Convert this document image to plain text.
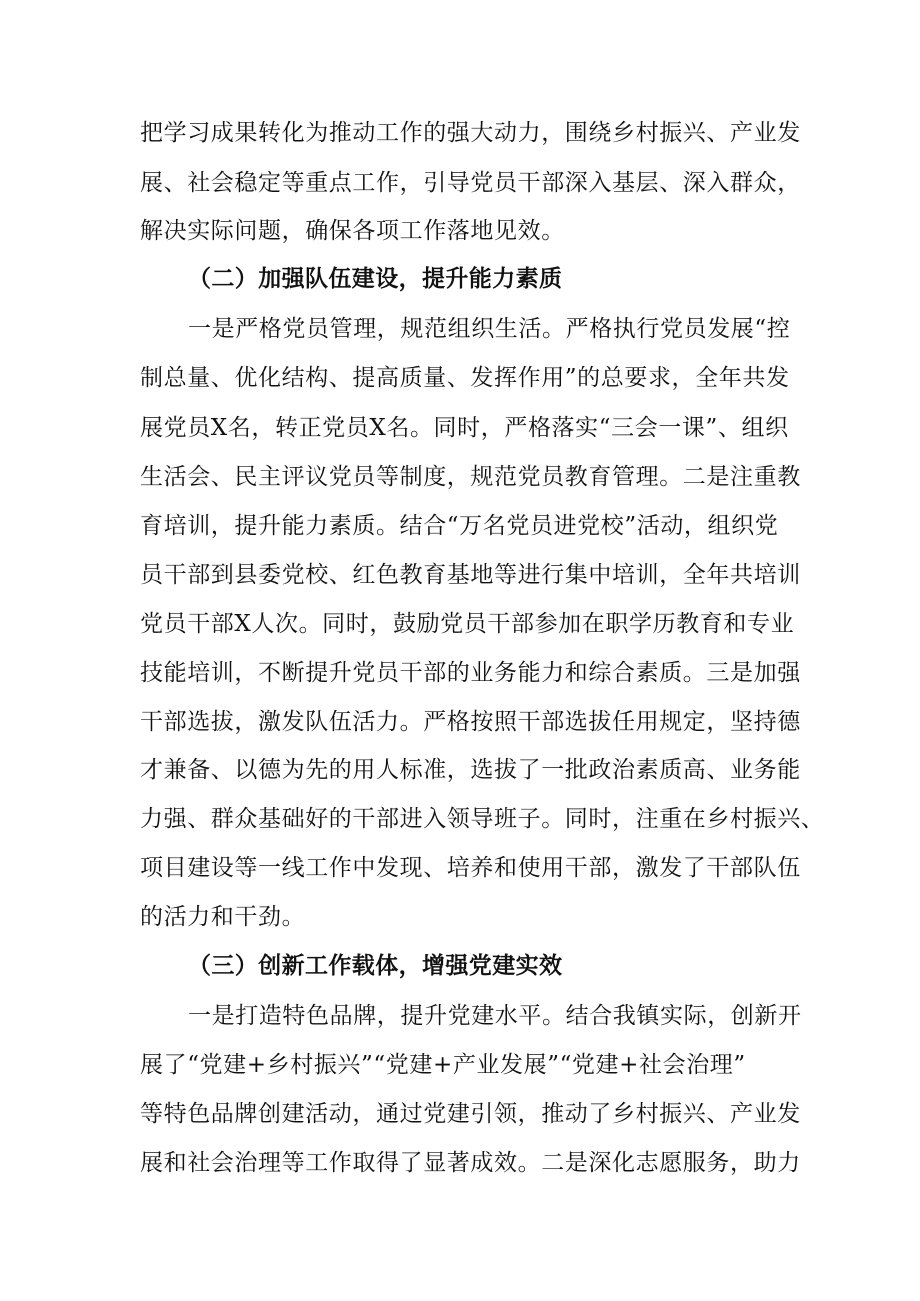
把学习成果转化为推动工作的强大动力，围绕乡村振兴、产业发
展、社会稳定等重点工作，引导党员干部深入基层、深入群众，
解决实际问题，确保各项工作落地见效。
（二）加强队伍建设，提升能力素质
一是严格党员管理，规范组织生活。严格执行党员发展“控
制总量、优化结构、提高质量、发挥作用”的总要求，全年共发
展党员X名，转正党员X名。同时，严格落实“三会一课”、组织
生活会、民主评议党员等制度，规范党员教育管理。二是注重教
育培训，提升能力素质。结合“万名党员进党校”活动，组织党
员干部到县委党校、红色教育基地等进行集中培训，全年共培训
党员干部X人次。同时，鼓励党员干部参加在职学历教育和专业
技能培训，不断提升党员干部的业务能力和综合素质。三是加强
干部选拔，激发队伍活力。严格按照干部选拔任用规定，坚持德
才兼备、以德为先的用人标准，选拔了一批政治素质高、业务能
力强、群众基础好的干部进入领导班子。同时，注重在乡村振兴、
项目建设等一线工作中发现、培养和使用干部，激发了干部队伍
的活力和干劲。
（三）创新工作载体，增强党建实效
一是打造特色品牌，提升党建水平。结合我镇实际，创新开
展了“党建+乡村振兴”“党建+产业发展”“党建+社会治理”
等特色品牌创建活动，通过党建引领，推动了乡村振兴、产业发
展和社会治理等工作取得了显著成效。二是深化志愿服务，助力
